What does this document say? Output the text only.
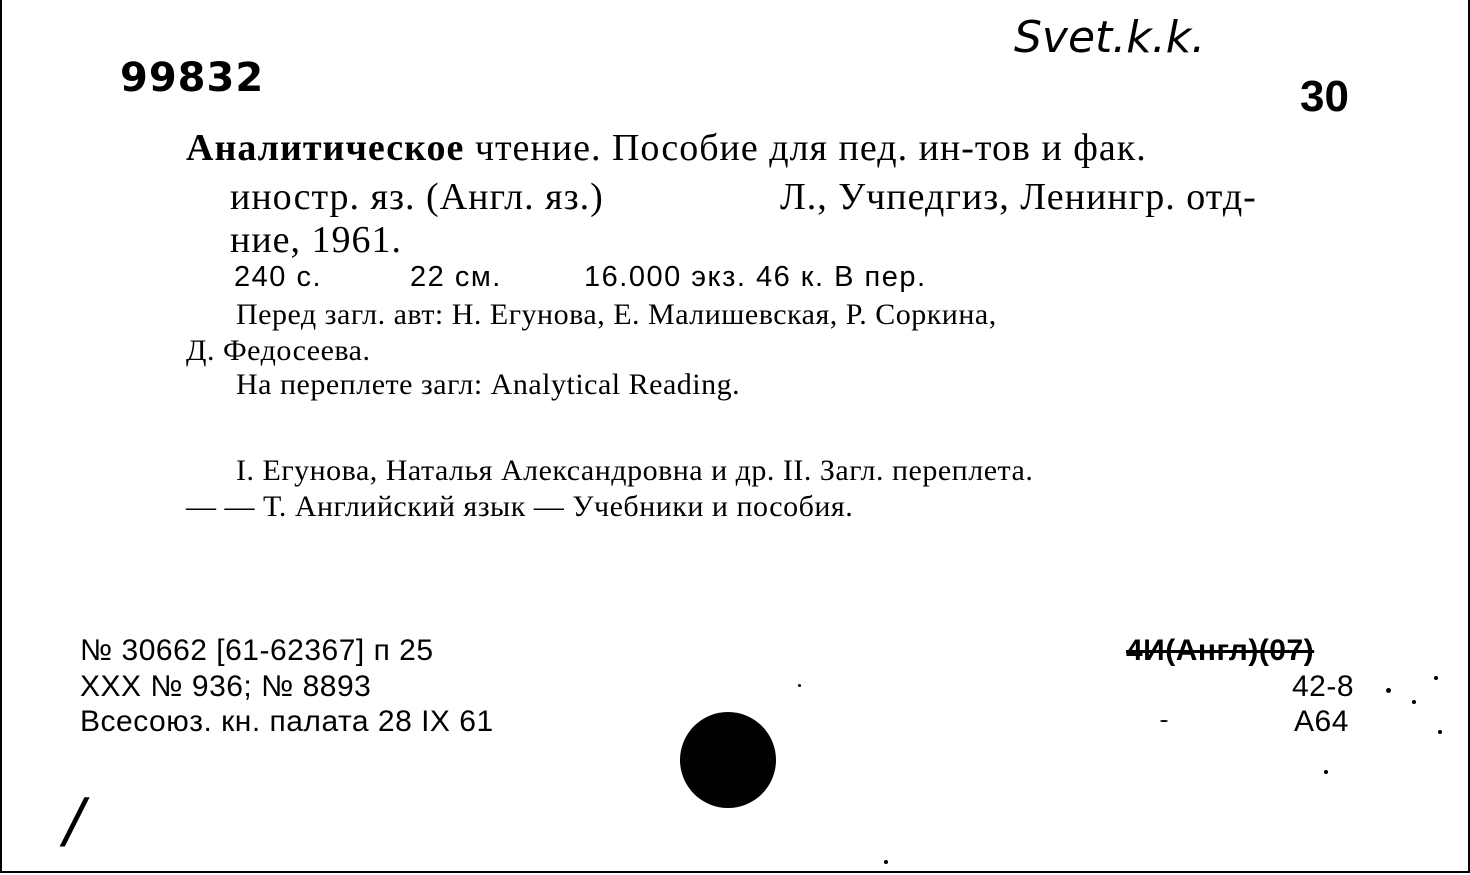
Svet.k.k.
99832	30
Аналитическое чтение. Пособие для пед. ин-тов и фак.
иностр. яз. (Англ. яз.)	Л., Учпедгиз, Ленингр. отд-
ние, 1961.
240 с.	22 см.	16.000 экз. 46 к. В пер.
Перед загл. авт: Н. Егунова, Е. Малишевская, Р. Соркина,
Д. Федосеева.
На переплете загл: Analytical Reading.
I. Егунова, Наталья Александровна и др. II. Загл. переплета.
— — Т. Английский язык — Учебники и пособия.
№ 30662 [61-62367] п 25
XXX № 936; № 8893
Всесоюз. кн. палата 28 IX 61
4И(Англ)(07)
42-8
А64
/
